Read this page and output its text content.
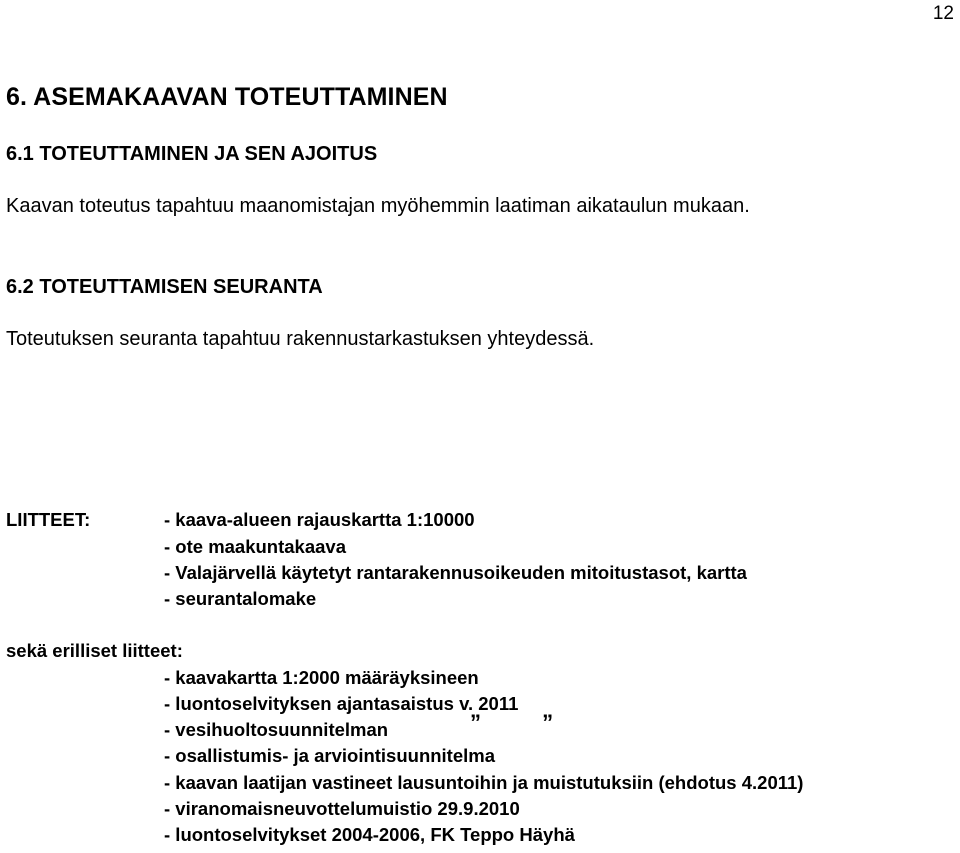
12
6. ASEMAKAAVAN TOTEUTTAMINEN
6.1 TOTEUTTAMINEN JA SEN AJOITUS
Kaavan toteutus tapahtuu maanomistajan myöhemmin laatiman aikataulun mukaan.
6.2 TOTEUTTAMISEN SEURANTA
Toteutuksen seuranta tapahtuu rakennustarkastuksen yhteydessä.
LIITTEET:	- kaava-alueen rajauskartta 1:10000
- ote maakuntakaava
- Valajärvellä käytetyt rantarakennusoikeuden mitoitustasot, kartta
- seurantalomake
sekä erilliset liitteet:
- kaavakartta 1:2000 määräyksineen
- luontoselvityksen ajantasaistus v. 2011
- vesihuoltosuunnitelman	”          ”
- osallistumis- ja arviointisuunnitelma
- kaavan laatijan vastineet lausuntoihin ja muistutuksiin (ehdotus 4.2011)
- viranomaisneuvottelumuistio 29.9.2010
- luontoselvitykset 2004-2006, FK Teppo Häyhä
